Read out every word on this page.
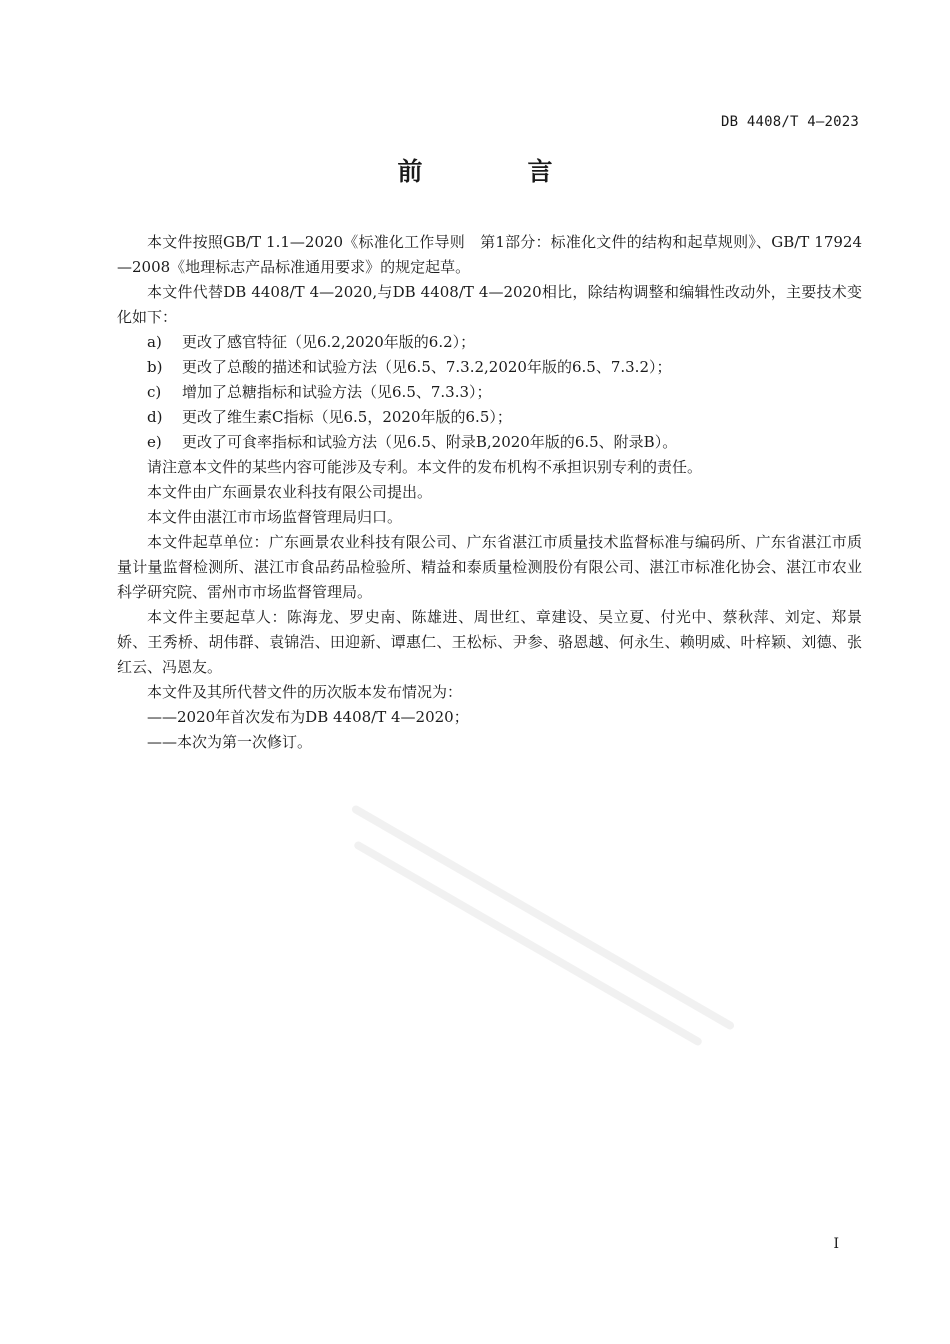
DB 4408/T 4—2023
前　言

本文件按照GB/T 1.1—2020《标准化工作导则　第1部分：标准化文件的结构和起草规则》、GB/T 17924—2008《地理标志产品标准通用要求》的规定起草。

本文件代替DB 4408/T 4—2020,与DB 4408/T 4—2020相比，除结构调整和编辑性改动外，主要技术变化如下：

a)	更改了感官特征（见6.2,2020年版的6.2）；
b)	更改了总酸的描述和试验方法（见6.5、7.3.2,2020年版的6.5、7.3.2）；
c)	增加了总糖指标和试验方法（见6.5、7.3.3）；
d)	更改了维生素C指标（见6.5，2020年版的6.5）；
e)	更改了可食率指标和试验方法（见6.5、附录B,2020年版的6.5、附录B）。

请注意本文件的某些内容可能涉及专利。本文件的发布机构不承担识别专利的责任。

本文件由广东画景农业科技有限公司提出。

本文件由湛江市市场监督管理局归口。

本文件起草单位：广东画景农业科技有限公司、广东省湛江市质量技术监督标准与编码所、广东省湛江市质量计量监督检测所、湛江市食品药品检验所、精益和泰质量检测股份有限公司、湛江市标准化协会、湛江市农业科学研究院、雷州市市场监督管理局。

本文件主要起草人：陈海龙、罗史南、陈雄进、周世红、章建设、吴立夏、付光中、蔡秋萍、刘定、郑景娇、王秀桥、胡伟群、袁锦浩、田迎新、谭惠仁、王松标、尹参、骆恩越、何永生、赖明威、叶梓颖、刘德、张红云、冯恩友。

本文件及其所代替文件的历次版本发布情况为：

——2020年首次发布为DB 4408/T 4—2020；
——本次为第一次修订。
I
